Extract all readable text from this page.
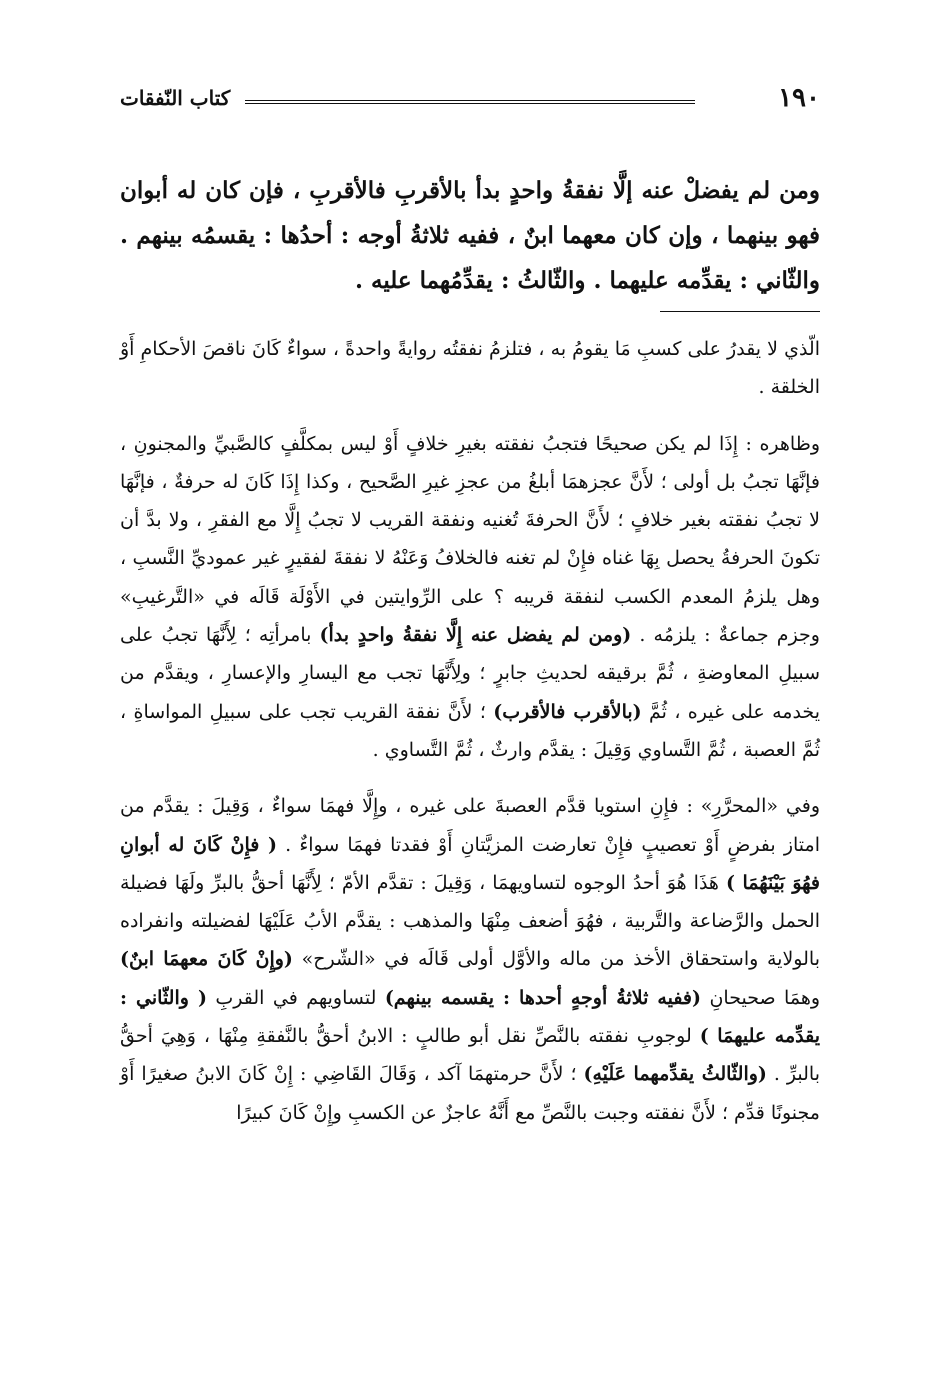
١٩٠
كتاب النّفقات

ومن لم يفضلْ عنه إلَّا نفقةُ واحدٍ بدأ بالأقربِ فالأقربِ ، فإن كان له أبوان فهو بينهما ، وإن كان معهما ابنٌ ، ففيه ثلاثةُ أوجه : أحدُها : يقسمُه بينهم . والثّاني : يقدِّمه عليهما . والثّالثُ : يقدِّمُهما عليه .

الّذي لا يقدرُ على كسبِ مَا يقومُ به ، فتلزمُ نفقتُه روايةً واحدةً ، سواءٌ كَانَ ناقصَ الأحكامِ أَوْ الخلقة .

وظاهره : إِذَا لم يكن صحيحًا فتجبُ نفقته بغيرِ خلافٍ أَوْ ليس بمكلَّفٍ كالصَّبيِّ والمجنونِ ، فإنَّهَا تجبُ بل أولى ؛ لأَنَّ عجزهمَا أبلغُ من عجزِ غيرِ الصَّحيح ، وكذا إِذَا كَانَ له حرفةٌ ، فإنَّهَا لا تجبُ نفقته بغير خلافٍ ؛ لأَنَّ الحرفةَ تُغنيه ونفقة القريب لا تجبُ إِلَّا مع الفقرِ ، ولا بدَّ أن تكونَ الحرفةُ يحصل بِهَا غناه فإِنْ لم تغنه فالخلافُ وَعَنْهُ لا نفقةَ لفقيرٍ غير عموديِّ النَّسبِ ، وهل يلزمُ المعدم الكسب لنفقة قريبه ؟ على الرِّوايتين في الأَوْلَة قَالَه في «التَّرغيبِ» وجزم جماعةٌ : يلزمُه . (ومن لم يفضل عنه إِلَّا نفقةُ واحدٍ بدأ) بامرأتِه ؛ لِأَنَّهَا تجبُ على سبيلِ المعاوضةِ ، ثُمَّ برقيقه لحديثِ جابرٍ ؛ ولِأَنَّهَا تجب مع اليسارِ والإعسارِ ، ويقدَّم من يخدمه على غيره ، ثُمَّ (بالأقرب فالأقرب) ؛ لأَنَّ نفقة القريب تجب على سبيلِ المواساةِ ، ثُمَّ العصبة ، ثُمَّ التَّساوي وَقِيلَ : يقدَّم وارثٌ ، ثُمَّ التَّساوي .

وفي «المحرَّرِ» : فإِنِ استويا قدَّم العصبةَ على غيره ، وإِلَّا فهمَا سواءٌ ، وَقِيلَ : يقدَّم من امتاز بفرضٍ أَوْ تعصيبٍ فإِنْ تعارضت المزيَّتانِ أَوْ فقدتا فهمَا سواءٌ . ( فإِنْ كَانَ له أبوانِ فهُوَ بَيْنَهُمَا ) هَذَا هُوَ أحدُ الوجوه لتساويهمَا ، وَقِيلَ : تقدَّم الأمّ ؛ لِأَنَّهَا أحقُّ بالبرِّ ولَهَا فضيلة الحمل والرَّضاعة والتَّربية ، فهُوَ أضعف مِنْهَا والمذهب : يقدَّم الأبُ عَلَيْهَا لفضيلته وانفراده بالولاية واستحقاق الأخذ من ماله والأوَّل أولى قَالَه في «الشّرح» (وإِنْ كَانَ معهمَا ابنٌ) وهمَا صحيحانِ (ففيه ثلاثةُ أوجهٍ أحدها : يقسمه بينهم) لتساويهم في القربِ ( والثّاني : يقدِّمه عليهمَا ) لوجوبِ نفقته بالنَّصِّ نقل أبو طالبٍ : الابنُ أحقُّ بالنَّفقةِ مِنْهَا ، وَهِيَ أحقُّ بالبرِّ . (والثّالثُ يقدِّمهما عَلَيْهِ) ؛ لأَنَّ حرمتهمَا آكد ، وَقَالَ القَاضِي : إِنْ كَانَ الابنُ صغيرًا أَوْ مجنونًا قدِّم ؛ لأَنَّ نفقته وجبت بالنَّصِّ مع أَنَّهُ عاجزٌ عن الكسبِ وإِنْ كَانَ كبيرًا
